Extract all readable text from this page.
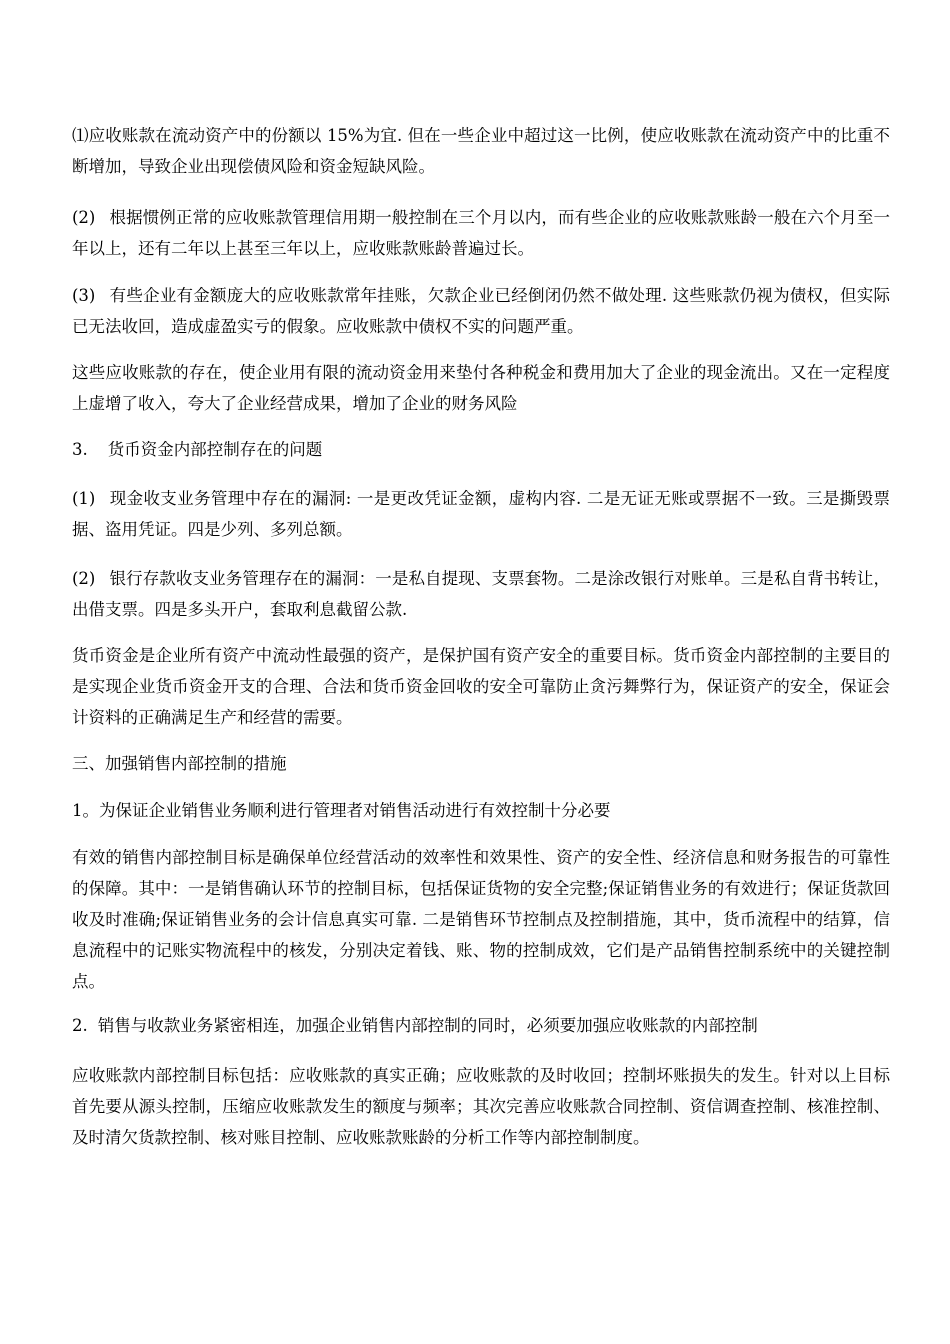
⑴应收账款在流动资产中的份额以 15%为宜. 但在一些企业中超过这一比例，使应收账款在流动资产中的比重不断增加，导致企业出现偿债风险和资金短缺风险。

(2) 根据惯例正常的应收账款管理信用期一般控制在三个月以内，而有些企业的应收账款账龄一般在六个月至一年以上，还有二年以上甚至三年以上，应收账款账龄普遍过长。

(3) 有些企业有金额庞大的应收账款常年挂账，欠款企业已经倒闭仍然不做处理. 这些账款仍视为债权，但实际已无法收回，造成虚盈实亏的假象。应收账款中债权不实的问题严重。

这些应收账款的存在，使企业用有限的流动资金用来垫付各种税金和费用加大了企业的现金流出。又在一定程度上虚增了收入，夸大了企业经营成果，增加了企业的财务风险

3. 货币资金内部控制存在的问题

(1) 现金收支业务管理中存在的漏洞: 一是更改凭证金额，虚构内容. 二是无证无账或票据不一致。三是撕毁票据、盗用凭证。四是少列、多列总额。

(2) 银行存款收支业务管理存在的漏洞：一是私自提现、支票套物。二是涂改银行对账单。三是私自背书转让，出借支票。四是多头开户，套取利息截留公款.

货币资金是企业所有资产中流动性最强的资产，是保护国有资产安全的重要目标。货币资金内部控制的主要目的是实现企业货币资金开支的合理、合法和货币资金回收的安全可靠防止贪污舞弊行为，保证资产的安全，保证会计资料的正确满足生产和经营的需要。

三、加强销售内部控制的措施

1。为保证企业销售业务顺利进行管理者对销售活动进行有效控制十分必要

有效的销售内部控制目标是确保单位经营活动的效率性和效果性、资产的安全性、经济信息和财务报告的可靠性的保障。其中：一是销售确认环节的控制目标，包括保证货物的安全完整;保证销售业务的有效进行；保证货款回收及时准确;保证销售业务的会计信息真实可靠. 二是销售环节控制点及控制措施，其中，货币流程中的结算，信息流程中的记账实物流程中的核发，分别决定着钱、账、物的控制成效，它们是产品销售控制系统中的关键控制点。

2. 销售与收款业务紧密相连，加强企业销售内部控制的同时，必须要加强应收账款的内部控制

应收账款内部控制目标包括：应收账款的真实正确；应收账款的及时收回；控制坏账损失的发生。针对以上目标首先要从源头控制，压缩应收账款发生的额度与频率；其次完善应收账款合同控制、资信调查控制、核准控制、及时清欠货款控制、核对账目控制、应收账款账龄的分析工作等内部控制制度。
